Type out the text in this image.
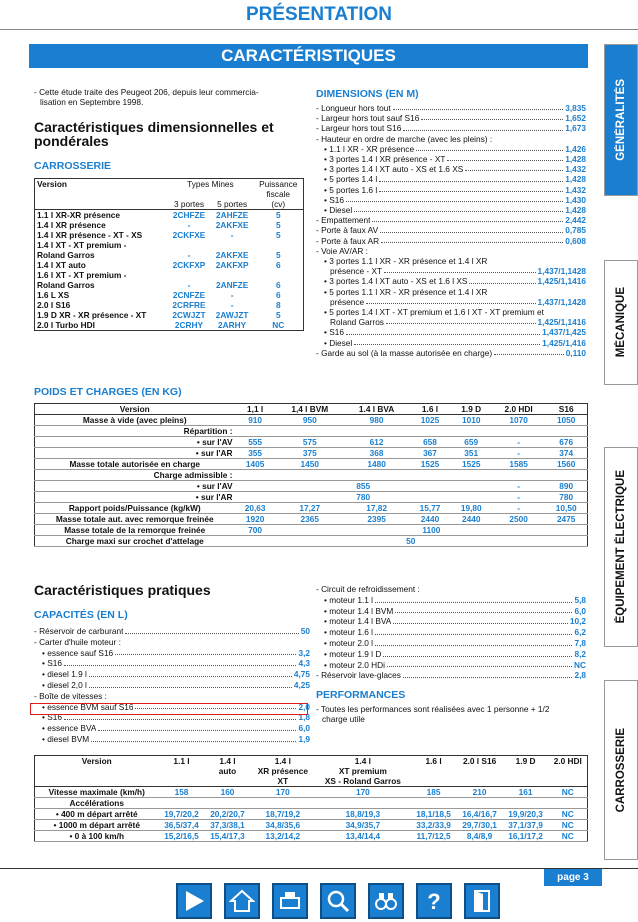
PRÉSENTATION
CARACTÉRISTIQUES
GÉNÉRALITÉS
MÉCANIQUE
ÉQUIPEMENT ÉLECTRIQUE
CARROSSERIE
- Cette étude traite des Peugeot 206, depuis leur commercia-
lisation en Septembre 1998.
Caractéristiques dimensionnelles et
pondérales
CARROSSERIE
Version	Types Mines		Puissance
			fiscale
	3 portes	5 portes	(cv)
1.1 l XR-XR présence	2CHFZE	2AHFZE	5
1.4 l XR présence	-	2AKFXE	5
1.4 l XR présence - XT - XS	2CKFXE	-	5
1.4 l XT - XT premium -			
Roland Garros	-	2AKFXE	5
1.4 l XT auto	2CKFXP	2AKFXP	6
1.6 l XT - XT premium -			
Roland Garros	-	2ANFZE	6
1.6 L XS	2CNFZE	-	6
2.0 l S16	2CRFRE	-	8
1.9 D XR - XR présence - XT	2CWJZT	2AWJZT	5
2.0 l Turbo HDI	2CRHY	2ARHY	NC
DIMENSIONS (EN M)
- Longueur hors tout	3,835
- Largeur hors tout sauf S16	1,652
- Largeur hors tout S16	1,673
- Hauteur en ordre de marche (avec les pleins) :
• 1.1 l XR - XR présence	1,426
• 3 portes 1.4 l XR présence - XT	1,428
• 3 portes 1.4 l XT auto - XS et 1.6 XS	1,432
• 5 portes 1.4 l	1,428
• 5 portes 1.6 l	1,432
• S16	1,430
• Diesel	1,428
- Empattement	2,442
- Porte à faux AV	0,785
- Porte à faux AR	0,608
- Voie AV/AR :
• 3 portes 1.1 l XR - XR présence et 1.4 l XR
présence - XT	1,437/1,1428
• 3 portes 1.4 l XT auto - XS et 1.6 l XS	1,425/1,1416
• 5 portes 1.1 l XR - XR présence et 1.4 l XR
présence	1,437/1,1428
• 5 portes 1.4 l XT - XT premium et 1.6 l XT - XT premium et
Roland Garros	1,425/1,1416
• S16	1,437/1,425
• Diesel	1,425/1,416
- Garde au sol (à la masse autorisée en charge)	0,110
POIDS ET CHARGES (EN KG)
Version	1,1 l	1,4 l BVM	1.4 l BVA	1.6 l	1.9 D	2.0 HDI	S16
Masse à vide (avec pleins)	910	950	980	1025	1010	1070	1050
Répartition :							
• sur l'AV	555	575	612	658	659	-	676
• sur l'AR	355	375	368	367	351	-	374
Masse totale autorisée en charge	1405	1450	1480	1525	1525	1585	1560
Charge admissible :							
• sur l'AV	855					-	890
• sur l'AR	780					-	780
Rapport poids/Puissance (kg/kW)	20,63	17,27	17,82	15,77	19,80	-	10,50
Masse totale aut. avec remorque freinée	1920	2365	2395	2440	2440	2500	2475
Masse totale de la remorque freinée	700	1100					
Charge maxi sur crochet d'attelage	50						
Caractéristiques pratiques
CAPACITÉS (EN L)
- Réservoir de carburant	50
- Carter d'huile moteur :
• essence sauf S16	3,2
• S16	4,3
• diesel 1.9 l	4,75
• diesel 2,0 l	4,25
- Boîte de vitesses :
• essence BVM sauf S16	2,0
• S16	1,8
• essence BVA	6,0
• diesel BVM	1,9
- Circuit de refroidissement :
• moteur 1.1 l	5,8
• moteur 1.4 l BVM	6,0
• moteur 1.4 l BVA	10,2
• moteur 1.6 l	6,2
• moteur 2.0 l	7,8
• moteur 1.9 l D	8,2
• moteur 2.0 HDi	NC
- Réservoir lave-glaces	2,8
PERFORMANCES
- Toutes les performances sont réalisées avec 1 personne + 1/2
charge utile
Version	1.1 l	1.4 l	1.4 l	1.4 l	1.6 l	2.0 l S16	1.9 D	2.0 HDI
		auto	XR présence	XT premium				
			XT	XS - Roland Garros				
Vitesse maximale (km/h)	158	160	170	170	185	210	161	NC
Accélérations								
• 400 m départ arrêté	19,7/20,2	20,2/20,7	18,7/19,2	18,8/19,3	18,1/18,5	16,4/16,7	19,9/20,3	NC
• 1000 m départ arrêté	36,5/37,4	37,3/38,1	34,8/35,6	34,9/35,7	33,2/33,9	29,7/30,1	37,1/37,9	NC
• 0 à 100 km/h	15,2/16,5	15,4/17,3	13,2/14,2	13,4/14,4	11,7/12,5	8,4/8,9	16,1/17,2	NC
page 3
?
